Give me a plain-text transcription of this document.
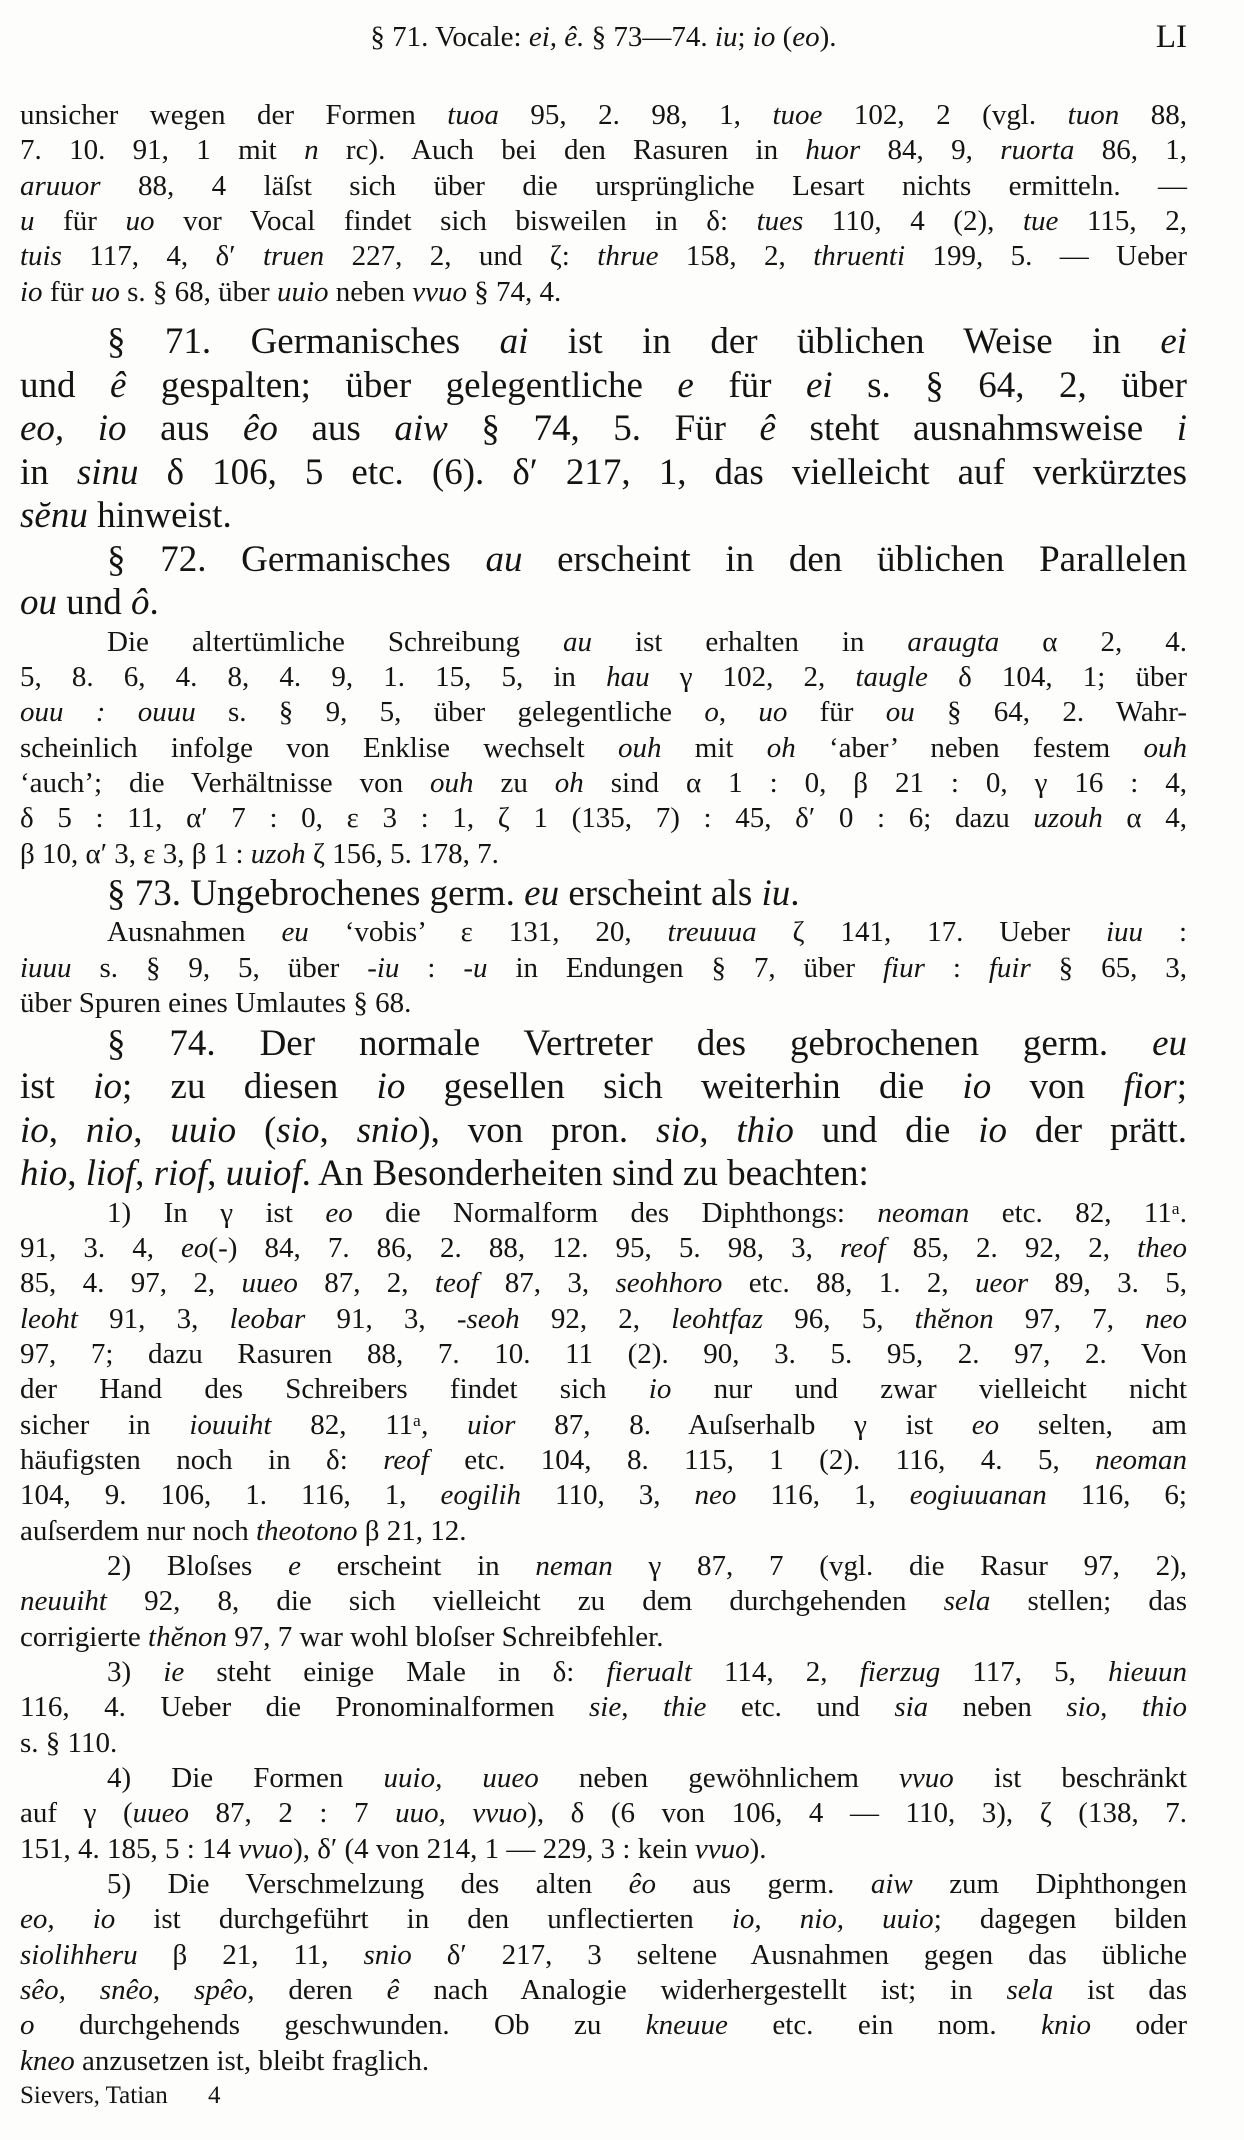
§ 71. Vocale: ei, ê. § 73—74. iu; io (eo).	LI
unsicher wegen der Formen tuoa 95, 2. 98, 1, tuoe 102, 2 (vgl. tuon 88,
7. 10. 91, 1 mit n rc). Auch bei den Rasuren in huor 84, 9, ruorta 86, 1,
aruuor 88, 4 läſst sich über die ursprüngliche Lesart nichts ermitteln. —
u für uo vor Vocal findet sich bisweilen in δ: tues 110, 4 (2), tue 115, 2,
tuis 117, 4, δ′ truen 227, 2, und ζ: thrue 158, 2, thruenti 199, 5. — Ueber
io für uo s. § 68, über uuio neben vvuo § 74, 4.
§ 71. Germanisches ai ist in der üblichen Weise in ei
und ê gespalten; über gelegentliche e für ei s. § 64, 2, über
eo, io aus êo aus aiw § 74, 5. Für ê steht ausnahmsweise i
in sinu δ 106, 5 etc. (6). δ′ 217, 1, das vielleicht auf verkürztes
sĕnu hinweist.
§ 72. Germanisches au erscheint in den üblichen Parallelen
ou und ô.
Die altertümliche Schreibung au ist erhalten in araugta α 2, 4.
5, 8. 6, 4. 8, 4. 9, 1. 15, 5, in hau γ 102, 2, taugle δ 104, 1; über
ouu : ouuu s. § 9, 5, über gelegentliche o, uo für ou § 64, 2. Wahr-
scheinlich infolge von Enklise wechselt ouh mit oh ‘aber’ neben festem ouh
‘auch’; die Verhältnisse von ouh zu oh sind α 1 : 0, β 21 : 0, γ 16 : 4,
δ 5 : 11, α′ 7 : 0, ε 3 : 1, ζ 1 (135, 7) : 45, δ′ 0 : 6; dazu uzouh α 4,
β 10, α′ 3, ε 3, β 1 : uzoh ζ 156, 5. 178, 7.
§ 73. Ungebrochenes germ. eu erscheint als iu.
Ausnahmen eu ‘vobis’ ε 131, 20, treuuua ζ 141, 17. Ueber iuu :
iuuu s. § 9, 5, über -iu : -u in Endungen § 7, über fiur : fuir § 65, 3,
über Spuren eines Umlautes § 68.
§ 74. Der normale Vertreter des gebrochenen germ. eu
ist io; zu diesen io gesellen sich weiterhin die io von fior;
io, nio, uuio (sio, snio), von pron. sio, thio und die io der prätt.
hio, liof, riof, uuiof. An Besonderheiten sind zu beachten:
1) In γ ist eo die Normalform des Diphthongs: neoman etc. 82, 11ᵃ.
91, 3. 4, eo(-) 84, 7. 86, 2. 88, 12. 95, 5. 98, 3, reof 85, 2. 92, 2, theo
85, 4. 97, 2, uueo 87, 2, teof 87, 3, seohhoro etc. 88, 1. 2, ueor 89, 3. 5,
leoht 91, 3, leobar 91, 3, -seoh 92, 2, leohtfaz 96, 5, thĕnon 97, 7, neo
97, 7; dazu Rasuren 88, 7. 10. 11 (2). 90, 3. 5. 95, 2. 97, 2. Von
der Hand des Schreibers findet sich io nur und zwar vielleicht nicht
sicher in iouuiht 82, 11ᵃ, uior 87, 8. Auſserhalb γ ist eo selten, am
häufigsten noch in δ: reof etc. 104, 8. 115, 1 (2). 116, 4. 5, neoman
104, 9. 106, 1. 116, 1, eogilih 110, 3, neo 116, 1, eogiuuanan 116, 6;
auſserdem nur noch theotono β 21, 12.
2) Bloſses e erscheint in neman γ 87, 7 (vgl. die Rasur 97, 2),
neuuiht 92, 8, die sich vielleicht zu dem durchgehenden sela stellen; das
corrigierte thĕnon 97, 7 war wohl bloſser Schreibfehler.
3) ie steht einige Male in δ: fierualt 114, 2, fierzug 117, 5, hieuun
116, 4. Ueber die Pronominalformen sie, thie etc. und sia neben sio, thio
s. § 110.
4) Die Formen uuio, uueo neben gewöhnlichem vvuo ist beschränkt
auf γ (uueo 87, 2 : 7 uuo, vvuo), δ (6 von 106, 4 — 110, 3), ζ (138, 7.
151, 4. 185, 5 : 14 vvuo), δ′ (4 von 214, 1 — 229, 3 : kein vvuo).
5) Die Verschmelzung des alten êo aus germ. aiw zum Diphthongen
eo, io ist durchgeführt in den unflectierten io, nio, uuio; dagegen bilden
siolihheru β 21, 11, snio δ′ 217, 3 seltene Ausnahmen gegen das übliche
sêo, snêo, spêo, deren ê nach Analogie widerhergestellt ist; in sela ist das
o durchgehends geschwunden. Ob zu kneuue etc. ein nom. knio oder
kneo anzusetzen ist, bleibt fraglich.
Sievers, Tatian 4
